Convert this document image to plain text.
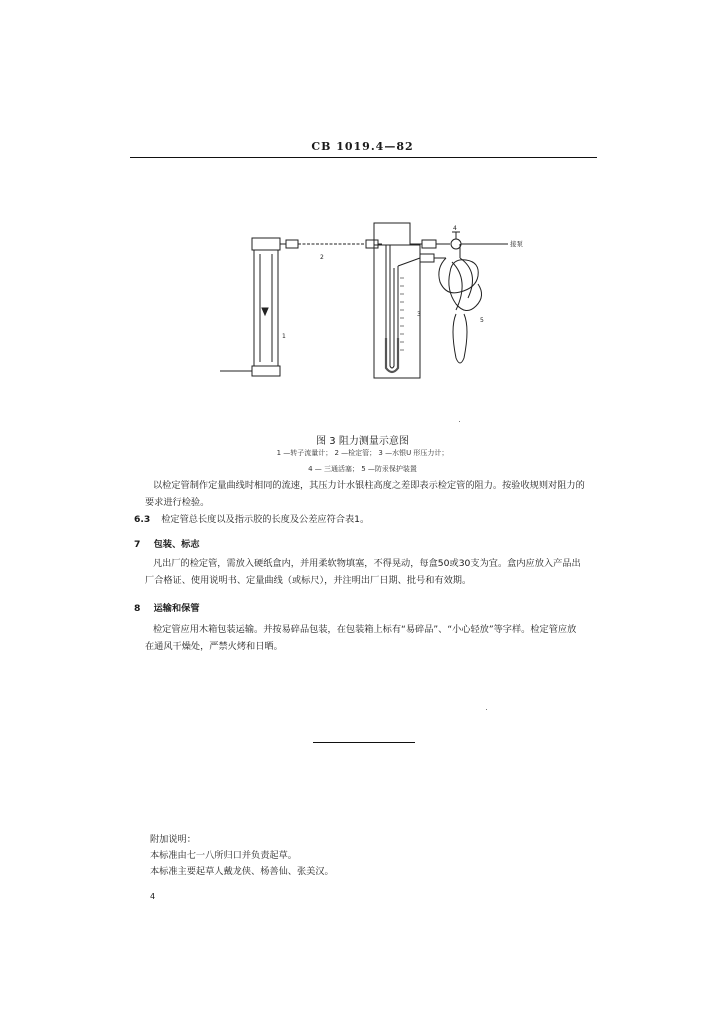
CB 1019.4—82
1
2
3
4
5
接泵
图 3 阻力测量示意图
1 —转子流量计； 2 —检定管； 3 —水银U 形压力计；
4 — 三通活塞； 5 —防汞保护装置
以检定管制作定量曲线时相同的流速，其压力计水银柱高度之差即表示检定管的阻力。按验收规则对阻力的要求进行检验。
6.3 检定管总长度以及指示胶的长度及公差应符合表1。
7 包装、标志
凡出厂的检定管，需放入硬纸盒内，并用柔软物填塞，不得晃动，每盒50或30支为宜。盒内应放入产品出厂合格证、使用说明书、定量曲线（或标尺），并注明出厂日期、批号和有效期。
8 运输和保管
检定管应用木箱包装运输。并按易碎品包装，在包装箱上标有“易碎品”、“小心轻放”等字样。检定管应放在通风干燥处，严禁火烤和日晒。
附加说明：
本标准由七一八所归口并负责起草。
本标准主要起草人戴龙侠、杨善仙、张美汉。
4
